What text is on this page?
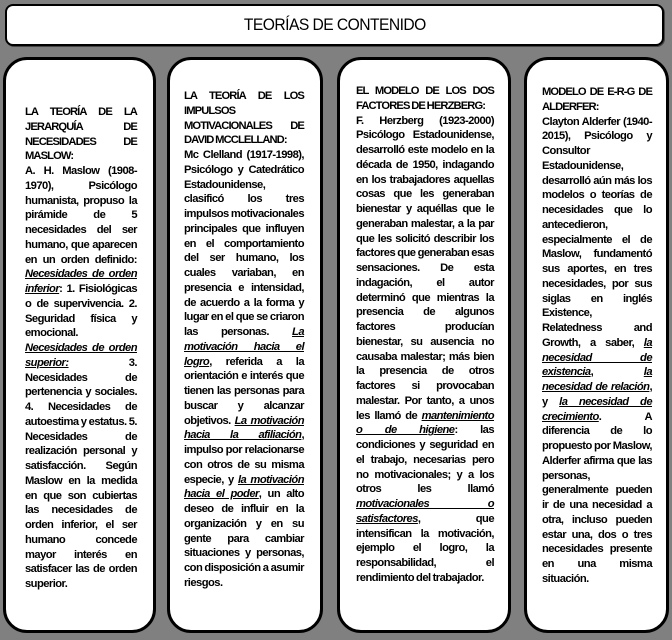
TEORÍAS DE CONTENIDO

LA TEORÍA DE LA JERARQUÍA DE NECESIDADES DE MASLOW:

A. H. Maslow (1908-1970), Psicólogo humanista, propuso la pirámide de 5 necesidades del ser humano, que aparecen en un orden definido: Necesidades de orden inferior: 1. Fisiológicas o de supervivencia. 2. Seguridad física y emocional. Necesidades de orden superior: 3. Necesidades de pertenencia y sociales. 4. Necesidades de autoestima y estatus. 5. Necesidades de realización personal y satisfacción. Según Maslow en la medida en que son cubiertas las necesidades de orden inferior, el ser humano concede mayor interés en satisfacer las de orden superior.

LA TEORÍA DE LOS IMPULSOS MOTIVACIONALES DE DAVID MCCLELLAND:

Mc Clelland (1917-1998), Psicólogo y Catedrático Estadounidense, clasificó los tres impulsos motivacionales principales que influyen en el comportamiento del ser humano, los cuales variaban, en presencia e intensidad, de acuerdo a la forma y lugar en el que se criaron las personas. La motivación hacia el logro, referida a la orientación e interés que tienen las personas para buscar y alcanzar objetivos. La motivación hacia la afiliación, impulso por relacionarse con otros de su misma especie, y la motivación hacia el poder, un alto deseo de influir en la organización y en su gente para cambiar situaciones y personas, con disposición a asumir riesgos.

EL MODELO DE LOS DOS FACTORES DE HERZBERG:

F. Herzberg (1923-2000) Psicólogo Estadounidense, desarrolló este modelo en la década de 1950, indagando en los trabajadores aquellas cosas que les generaban bienestar y aquéllas que le generaban malestar, a la par que les solicitó describir los factores que generaban esas sensaciones. De esta indagación, el autor determinó que mientras la presencia de algunos factores producían bienestar, su ausencia no causaba malestar; más bien la presencia de otros factores si provocaban malestar. Por tanto, a unos les llamó de mantenimiento o de higiene: las condiciones y seguridad en el trabajo, necesarias pero no motivacionales; y a los otros les llamó motivacionales o satisfactores, que intensifican la motivación, ejemplo el logro, la responsabilidad, el rendimiento del trabajador.

MODELO DE E-R-G DE ALDERFER:

Clayton Alderfer (1940-2015), Psicólogo y Consultor Estadounidense, desarrolló aún más los modelos o teorías de necesidades que lo antecedieron, especialmente el de Maslow, fundamentó sus aportes, en tres necesidades, por sus siglas en inglés Existence, Relatedness and Growth, a saber, la necesidad de existencia, la necesidad de relación, y la necesidad de crecimiento. A diferencia de lo propuesto por Maslow, Alderfer afirma que las personas, generalmente pueden ir de una necesidad a otra, incluso pueden estar una, dos o tres necesidades presente en una misma situación.
